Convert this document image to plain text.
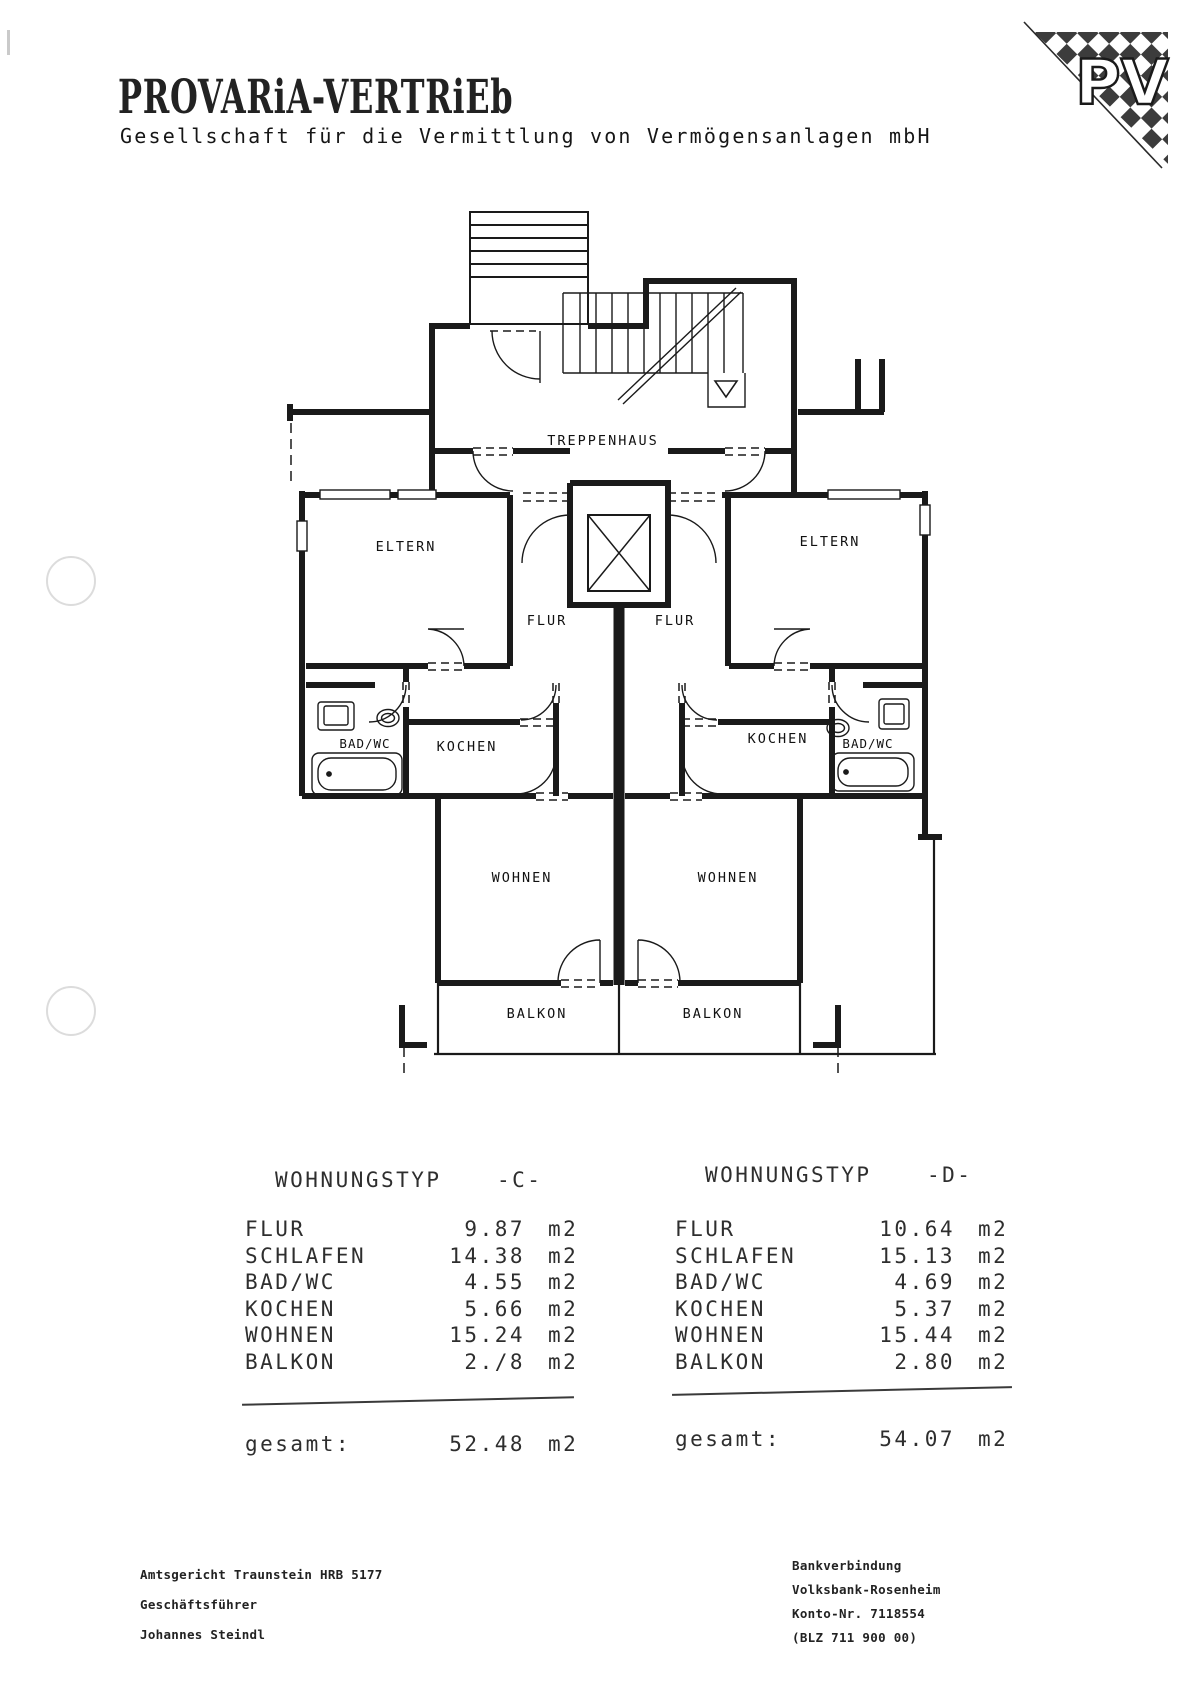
PROVARiA-VERTRiEb
Gesellschaft für die Vermittlung von Vermögensanlagen mbH
PV
TREPPENHAUS
ELTERN	ELTERN
FLUR	FLUR
KOCHEN	KOCHEN
BAD/WC	BAD/WC
WOHNEN	WOHNEN
BALKON	BALKON
WOHNUNGSTYP	-C-
FLUR	9.87 m2
SCHLAFEN	14.38 m2
BAD/WC	4.55 m2
KOCHEN	5.66 m2
WOHNEN	15.24 m2
BALKON	2./8 m2
gesamt:	52.48 m2
WOHNUNGSTYP	-D-
FLUR	10.64 m2
SCHLAFEN	15.13 m2
BAD/WC	4.69 m2
KOCHEN	5.37 m2
WOHNEN	15.44 m2
BALKON	2.80 m2
gesamt:	54.07 m2
Amtsgericht Traunstein HRB 5177
Geschäftsführer
Johannes Steindl
Bankverbindung
Volksbank-Rosenheim
Konto-Nr. 7118554
(BLZ 711 900 00)
